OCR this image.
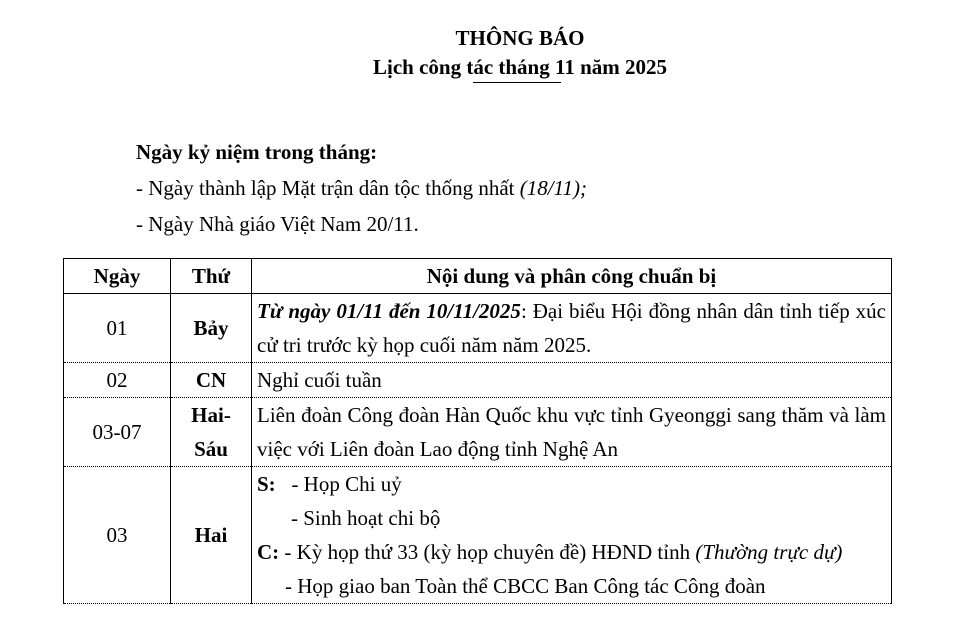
THÔNG BÁO
Lịch công tác tháng 11 năm 2025
Ngày kỷ niệm trong tháng:
- Ngày thành lập Mặt trận dân tộc thống nhất (18/11);
- Ngày Nhà giáo Việt Nam 20/11.
Ngày	Thứ	Nội dung và phân công chuẩn bị
01	Bảy	Từ ngày 01/11 đến 10/11/2025: Đại biểu Hội đồng nhân dân tỉnh tiếp xúc cử tri trước kỳ họp cuối năm năm 2025.
02	CN	Nghỉ cuối tuần
03-07	Hai-Sáu	Liên đoàn Công đoàn Hàn Quốc khu vực tỉnh Gyeonggi sang thăm và làm việc với Liên đoàn Lao động tỉnh Nghệ An
03	Hai	S: - Họp Chi uỷ
- Sinh hoạt chi bộ
C: - Kỳ họp thứ 33 (kỳ họp chuyên đề) HĐND tỉnh (Thường trực dự)
- Họp giao ban Toàn thể CBCC Ban Công tác Công đoàn
